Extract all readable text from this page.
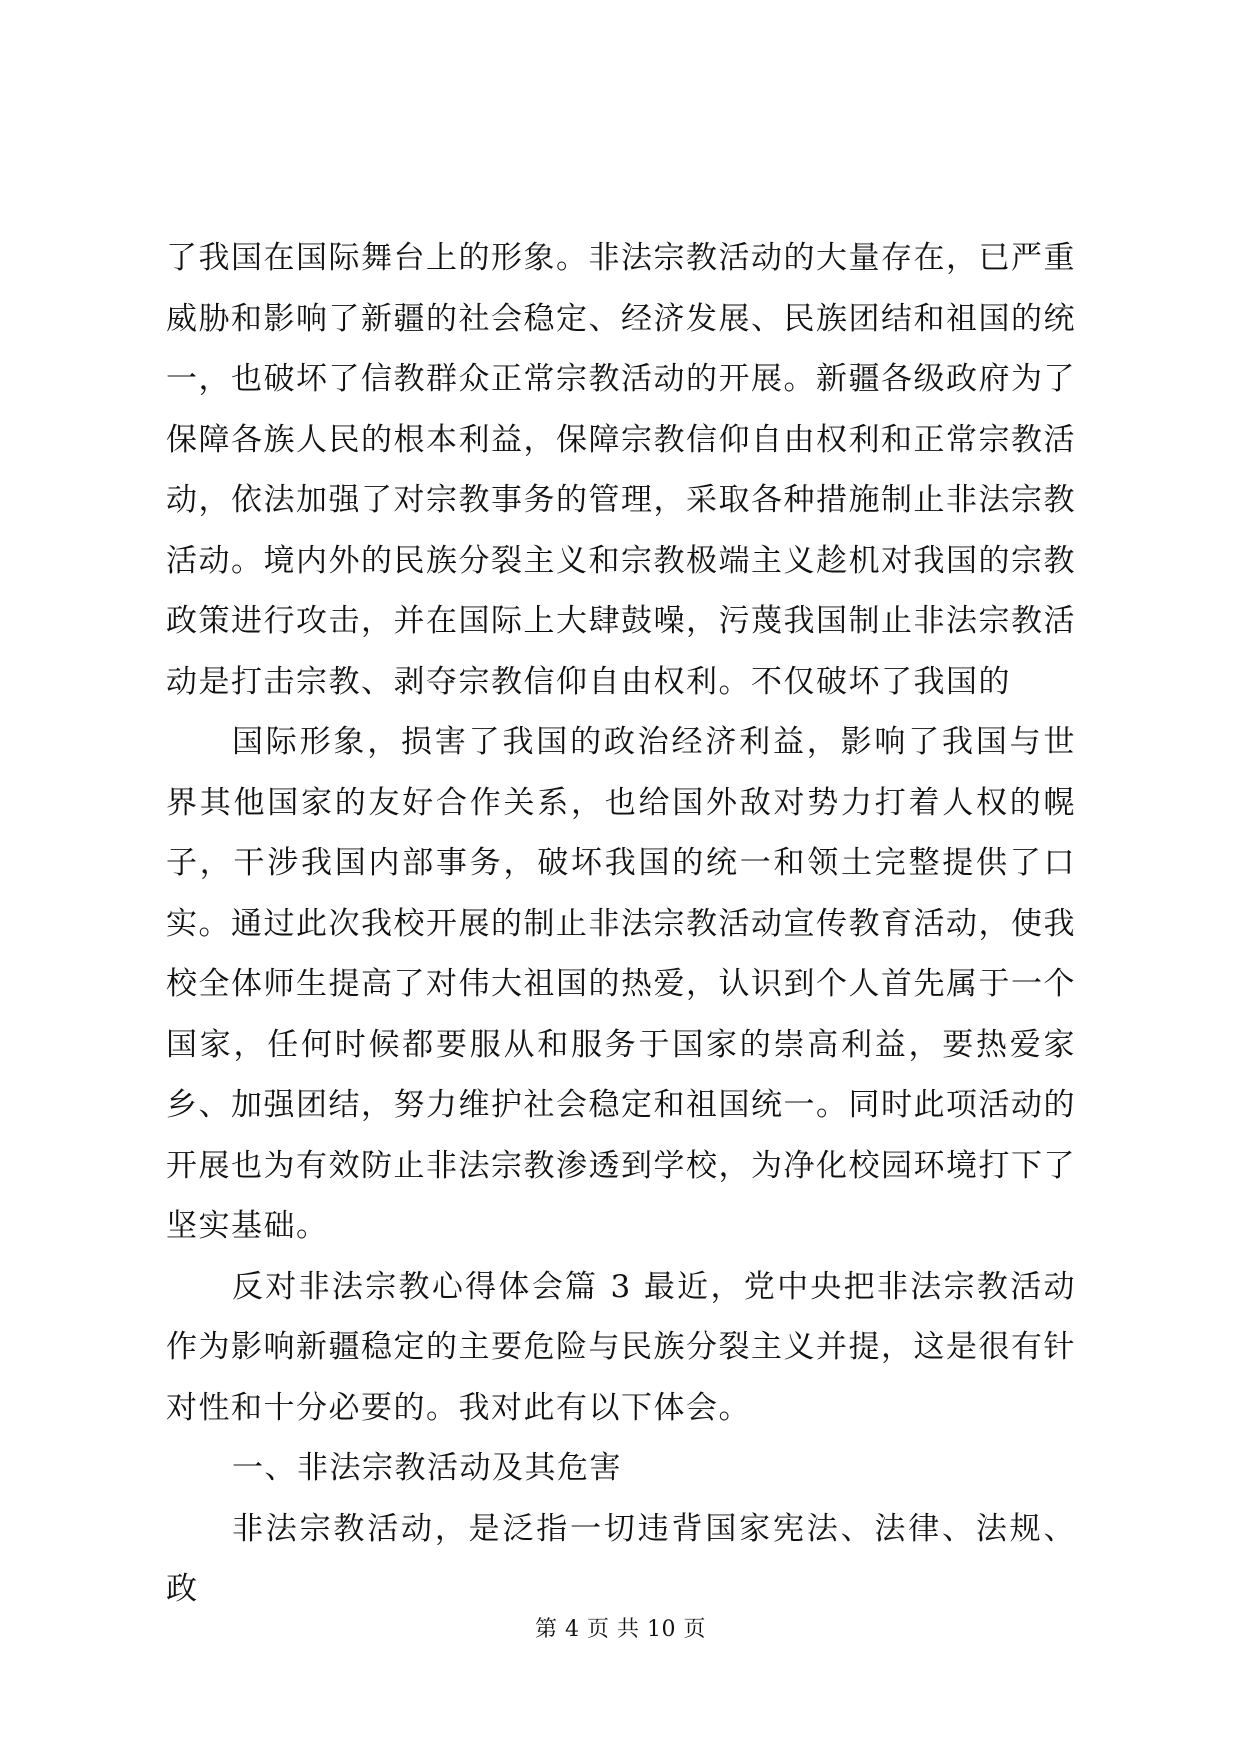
了我国在国际舞台上的形象。非法宗教活动的大量存在，已严重威胁和影响了新疆的社会稳定、经济发展、民族团结和祖国的统一，也破坏了信教群众正常宗教活动的开展。新疆各级政府为了保障各族人民的根本利益，保障宗教信仰自由权利和正常宗教活动，依法加强了对宗教事务的管理，采取各种措施制止非法宗教活动。境内外的民族分裂主义和宗教极端主义趁机对我国的宗教政策进行攻击，并在国际上大肆鼓噪，污蔑我国制止非法宗教活动是打击宗教、剥夺宗教信仰自由权利。不仅破坏了我国的

国际形象，损害了我国的政治经济利益，影响了我国与世界其他国家的友好合作关系，也给国外敌对势力打着人权的幌子，干涉我国内部事务，破坏我国的统一和领土完整提供了口实。通过此次我校开展的制止非法宗教活动宣传教育活动，使我校全体师生提高了对伟大祖国的热爱，认识到个人首先属于一个国家，任何时候都要服从和服务于国家的崇高利益，要热爱家乡、加强团结，努力维护社会稳定和祖国统一。同时此项活动的开展也为有效防止非法宗教渗透到学校，为净化校园环境打下了坚实基础。

反对非法宗教心得体会篇 3 最近，党中央把非法宗教活动作为影响新疆稳定的主要危险与民族分裂主义并提，这是很有针对性和十分必要的。我对此有以下体会。

一、非法宗教活动及其危害

非法宗教活动，是泛指一切违背国家宪法、法律、法规、政

第 4 页 共 10 页
